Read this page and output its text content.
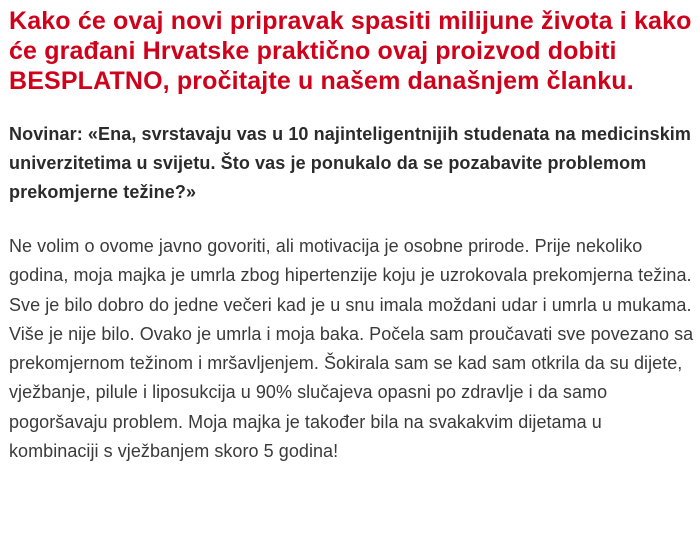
Kako će ovaj novi pripravak spasiti milijune života i kako će građani Hrvatske praktično ovaj proizvod dobiti BESPLATNO, pročitajte u našem današnjem članku.

Novinar: «Ena, svrstavaju vas u 10 najinteligentnijih studenata na medicinskim univerzitetima u svijetu. Što vas je ponukalo da se pozabavite problemom prekomjerne težine?»

Ne volim o ovome javno govoriti, ali motivacija je osobne prirode. Prije nekoliko godina, moja majka je umrla zbog hipertenzije koju je uzrokovala prekomjerna težina. Sve je bilo dobro do jedne večeri kad je u snu imala moždani udar i umrla u mukama. Više je nije bilo. Ovako je umrla i moja baka. Počela sam proučavati sve povezano sa prekomjernom težinom i mršavljenjem. Šokirala sam se kad sam otkrila da su dijete, vježbanje, pilule i liposukcija u 90% slučajeva opasni po zdravlje i da samo pogoršavaju problem. Moja majka je također bila na svakakvim dijetama u kombinaciji s vježbanjem skoro 5 godina!
